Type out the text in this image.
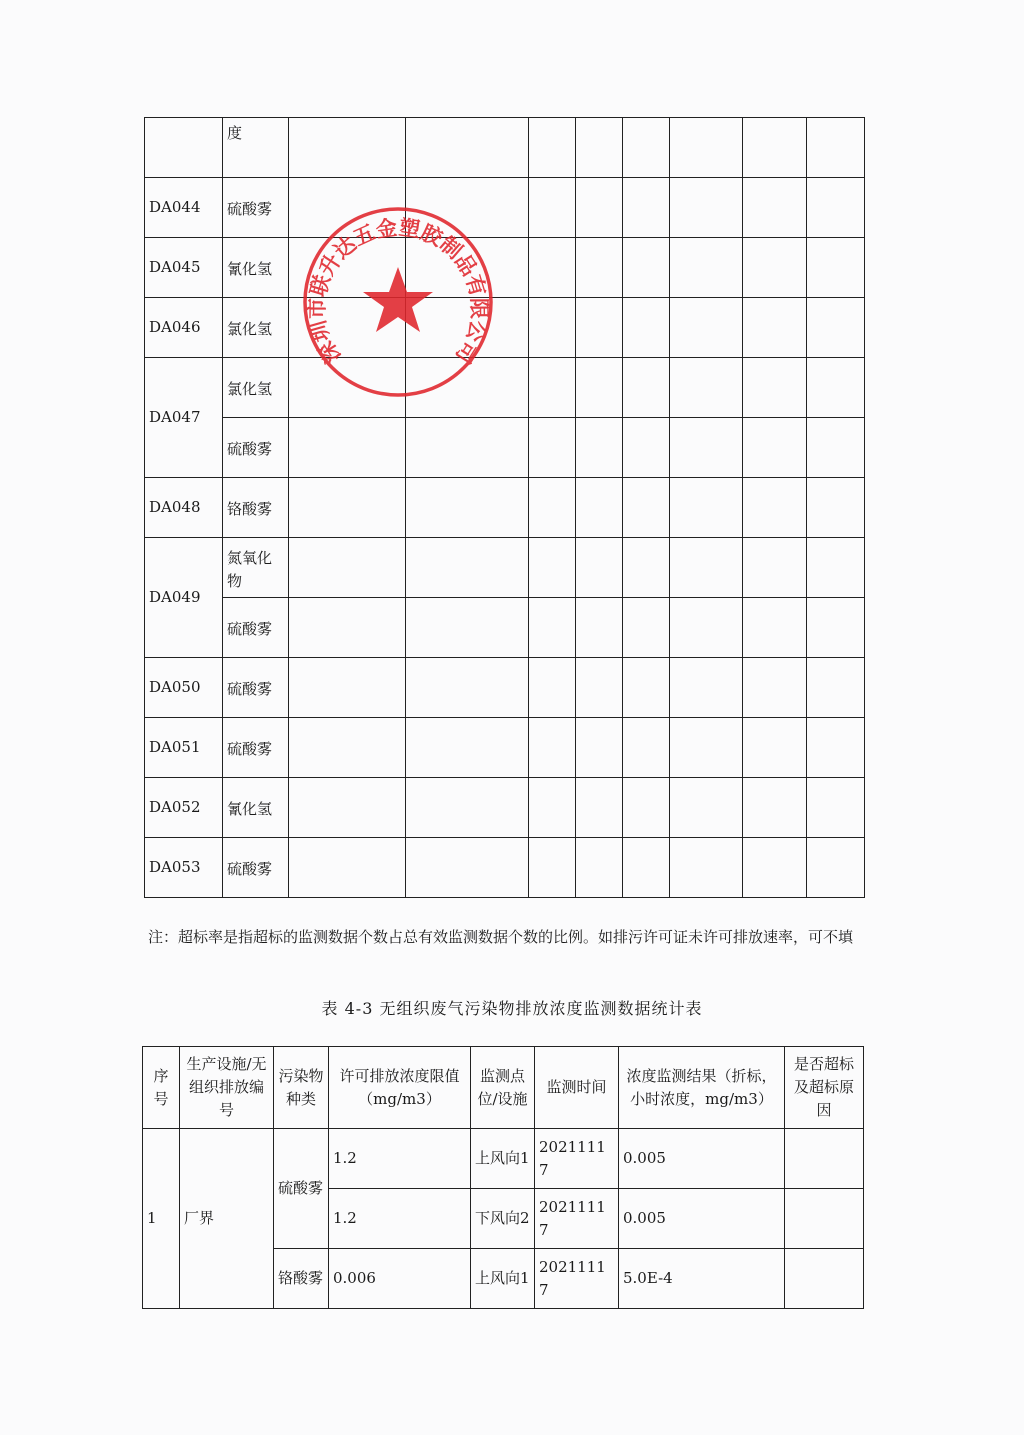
	度								
DA044	硫酸雾								
DA045	氰化氢								
DA046	氯化氢								
DA047	氯化氢								
	硫酸雾								
DA048	铬酸雾								
DA049	氮氧化物								
	硫酸雾								
DA050	硫酸雾								
DA051	硫酸雾								
DA052	氰化氢								
DA053	硫酸雾								
注：超标率是指超标的监测数据个数占总有效监测数据个数的比例。如排污许可证未许可排放速率，可不填
表 4-3 无组织废气污染物排放浓度监测数据统计表
序号	生产设施/无组织排放编号	污染物种类	许可排放浓度限值（mg/m3）	监测点位/设施	监测时间	浓度监测结果（折标，小时浓度，mg/m3）	是否超标及超标原因
1	厂界	硫酸雾	1.2	上风向1	20211117	0.005	
			1.2	下风向2	20211117	0.005	
		铬酸雾	0.006	上风向1	20211117	5.0E-4	
深圳市联升达五金塑胶制品有限公司
